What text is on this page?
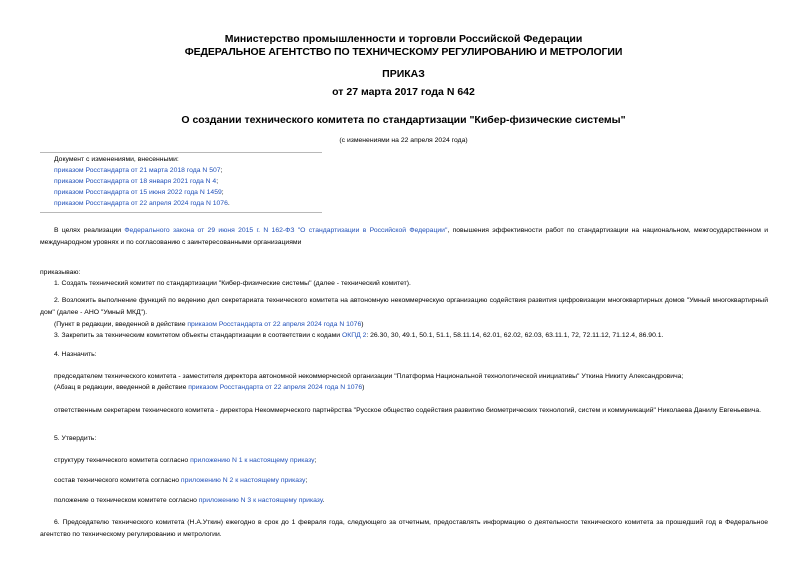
Министерство промышленности и торговли Российской Федерации
ФЕДЕРАЛЬНОЕ АГЕНТСТВО ПО ТЕХНИЧЕСКОМУ РЕГУЛИРОВАНИЮ И МЕТРОЛОГИИ
ПРИКАЗ
от 27 марта 2017 года N 642
О создании технического комитета по стандартизации "Кибер-физические системы"
(с изменениями на 22 апреля 2024 года)
Документ с изменениями, внесенными:
приказом Росстандарта от 21 марта 2018 года N 507;
приказом Росстандарта от 18 января 2021 года N 4;
приказом Росстандарта от 15 июня 2022 года N 1459;
приказом Росстандарта от 22 апреля 2024 года N 1076.
В целях реализации Федерального закона от 29 июня 2015 г. N 162-ФЗ "О стандартизации в Российской Федерации", повышения эффективности работ по стандартизации на национальном, межгосударственном и международном уровнях и по согласованию с заинтересованными организациями
приказываю:
1. Создать технический комитет по стандартизации "Кибер-физические системы" (далее - технический комитет).
2. Возложить выполнение функций по ведению дел секретариата технического комитета на автономную некоммерческую организацию содействия развития цифровизации многоквартирных домов "Умный многоквартирный дом" (далее - АНО "Умный МКД").
(Пункт в редакции, введенной в действие приказом Росстандарта от 22 апреля 2024 года N 1076)
3. Закрепить за техническим комитетом объекты стандартизации в соответствии с кодами ОКПД 2: 26.30, 30, 49.1, 50.1, 51.1, 58.11.14, 62.01, 62.02, 62.03, 63.11.1, 72, 72.11.12, 71.12.4, 86.90.1.
4. Назначить:
председателем технического комитета - заместителя директора автономной некоммерческой организации "Платформа Национальной технологической инициативы" Уткина Никиту Александровича;
(Абзац в редакции, введенной в действие приказом Росстандарта от 22 апреля 2024 года N 1076)
ответственным секретарем технического комитета - директора Некоммерческого партнёрства "Русское общество содействия развитию биометрических технологий, систем и коммуникаций" Николаева Данилу Евгеньевича.
5. Утвердить:
структуру технического комитета согласно приложению N 1 к настоящему приказу;
состав технического комитета согласно приложению N 2 к настоящему приказу;
положение о техническом комитете согласно приложению N 3 к настоящему приказу.
6. Председателю технического комитета (Н.А.Уткин) ежегодно в срок до 1 февраля года, следующего за отчетным, предоставлять информацию о деятельности технического комитета за прошедший год в Федеральное агентство по техническому регулированию и метрологии.
